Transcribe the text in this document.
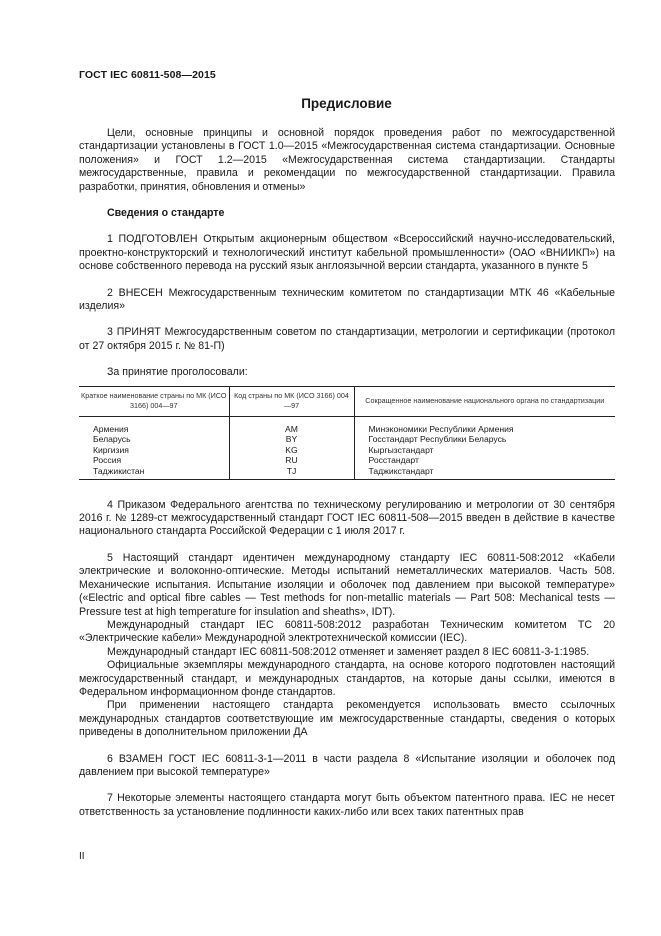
ГОСТ IEC 60811-508—2015
Предисловие

Цели, основные принципы и основной порядок проведения работ по межгосударственной стандартизации установлены в ГОСТ 1.0—2015 «Межгосударственная система стандартизации. Основные положения» и ГОСТ 1.2—2015 «Межгосударственная система стандартизации. Стандарты межгосударственные, правила и рекомендации по межгосударственной стандартизации. Правила разработки, принятия, обновления и отмены»

Сведения о стандарте

1 ПОДГОТОВЛЕН Открытым акционерным обществом «Всероссийский научно-исследовательский, проектно-конструкторский и технологический институт кабельной промышленности» (ОАО «ВНИИКП») на основе собственного перевода на русский язык англоязычной версии стандарта, указанного в пункте 5

2 ВНЕСЕН Межгосударственным техническим комитетом по стандартизации МТК 46 «Кабельные изделия»

3 ПРИНЯТ Межгосударственным советом по стандартизации, метрологии и сертификации (протокол от 27 октября 2015 г. № 81-П)

За принятие проголосовали:

Краткое наименование страны по МК (ИСО 3166) 004—97	Код страны по МК (ИСО 3166) 004—97	Сокращенное наименование национального органа по стандартизации
Армения	AM	Минэкономики Республики Армения
Беларусь	BY	Госстандарт Республики Беларусь
Киргизия	KG	Кыргызстандарт
Россия	RU	Росстандарт
Таджикистан	TJ	Таджикстандарт

4 Приказом Федерального агентства по техническому регулированию и метрологии от 30 сентября 2016 г. № 1289-ст межгосударственный стандарт ГОСТ IEC 60811-508—2015 введен в действие в качестве национального стандарта Российской Федерации с 1 июля 2017 г.

5 Настоящий стандарт идентичен международному стандарту IEC 60811-508:2012 «Кабели электрические и волоконно-оптические. Методы испытаний неметаллических материалов. Часть 508. Механические испытания. Испытание изоляции и оболочек под давлением при высокой температуре» («Electric and optical fibre cables — Test methods for non-metallic materials — Part 508: Mechanical tests — Pressure test at high temperature for insulation and sheaths», IDT).

Международный стандарт IEC 60811-508:2012 разработан Техническим комитетом ТС 20 «Электрические кабели» Международной электротехнической комиссии (IEC).

Международный стандарт IEC 60811-508:2012 отменяет и заменяет раздел 8 IEC 60811-3-1:1985.

Официальные экземпляры международного стандарта, на основе которого подготовлен настоящий межгосударственный стандарт, и международных стандартов, на которые даны ссылки, имеются в Федеральном информационном фонде стандартов.

При применении настоящего стандарта рекомендуется использовать вместо ссылочных международных стандартов соответствующие им межгосударственные стандарты, сведения о которых приведены в дополнительном приложении ДА

6 ВЗАМЕН ГОСТ IEC 60811-3-1—2011 в части раздела 8 «Испытание изоляции и оболочек под давлением при высокой температуре»

7 Некоторые элементы настоящего стандарта могут быть объектом патентного права. IEC не несет ответственность за установление подлинности каких-либо или всех таких патентных прав

II
